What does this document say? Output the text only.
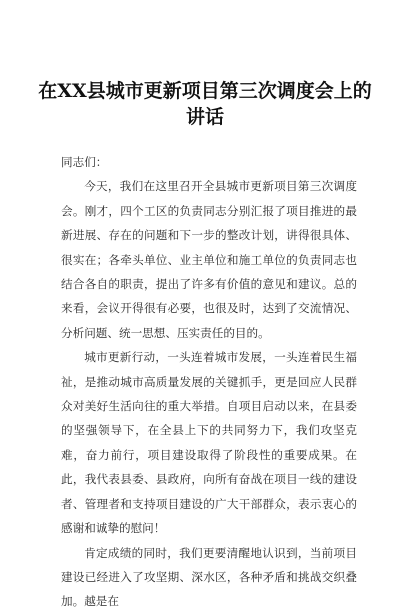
在XX县城市更新项目第三次调度会上的讲话

同志们：

今天，我们在这里召开全县城市更新项目第三次调度会。刚才，四个工区的负责同志分别汇报了项目推进的最新进展、存在的问题和下一步的整改计划，讲得很具体、很实在；各牵头单位、业主单位和施工单位的负责同志也结合各自的职责，提出了许多有价值的意见和建议。总的来看，会议开得很有必要，也很及时，达到了交流情况、分析问题、统一思想、压实责任的目的。

城市更新行动，一头连着城市发展，一头连着民生福祉，是推动城市高质量发展的关键抓手，更是回应人民群众对美好生活向往的重大举措。自项目启动以来，在县委的坚强领导下，在全县上下的共同努力下，我们攻坚克难，奋力前行，项目建设取得了阶段性的重要成果。在此，我代表县委、县政府，向所有奋战在项目一线的建设者、管理者和支持项目建设的广大干部群众，表示衷心的感谢和诚挚的慰问！

肯定成绩的同时，我们更要清醒地认识到，当前项目建设已经进入了攻坚期、深水区，各种矛盾和挑战交织叠加。越是在
